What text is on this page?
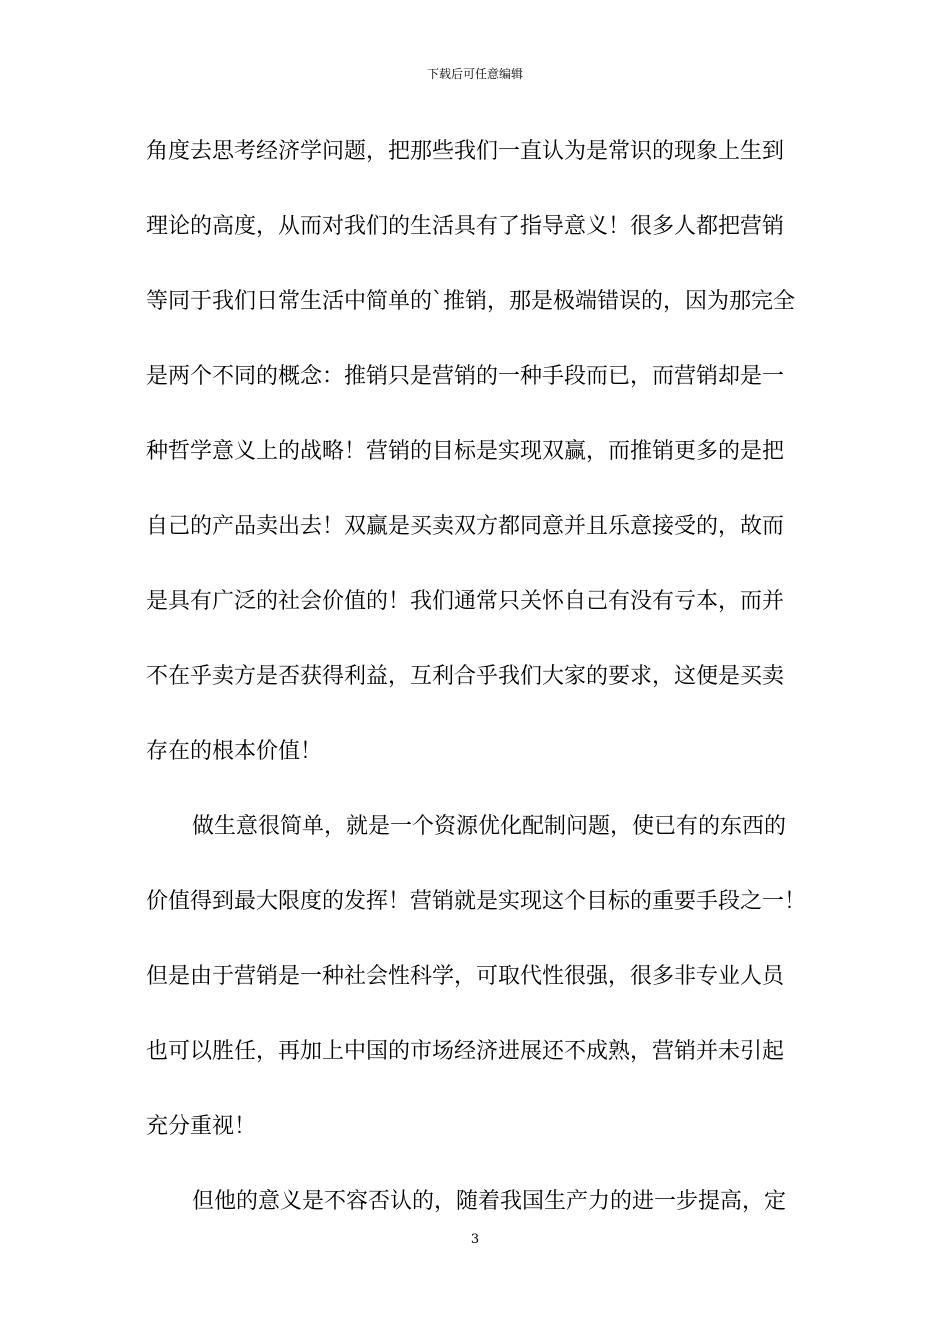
下载后可任意编辑
角度去思考经济学问题，把那些我们一直认为是常识的现象上生到
理论的高度，从而对我们的生活具有了指导意义！很多人都把营销
等同于我们日常生活中简单的`推销，那是极端错误的，因为那完全
是两个不同的概念：推销只是营销的一种手段而已，而营销却是一
种哲学意义上的战略！营销的目标是实现双赢，而推销更多的是把
自己的产品卖出去！双赢是买卖双方都同意并且乐意接受的，故而
是具有广泛的社会价值的！我们通常只关怀自己有没有亏本，而并
不在乎卖方是否获得利益，互利合乎我们大家的要求，这便是买卖
存在的根本价值！
做生意很简单，就是一个资源优化配制问题，使已有的东西的
价值得到最大限度的发挥！营销就是实现这个目标的重要手段之一！
但是由于营销是一种社会性科学，可取代性很强，很多非专业人员
也可以胜任，再加上中国的市场经济进展还不成熟，营销并未引起
充分重视！
但他的意义是不容否认的，随着我国生产力的进一步提高，定
3
